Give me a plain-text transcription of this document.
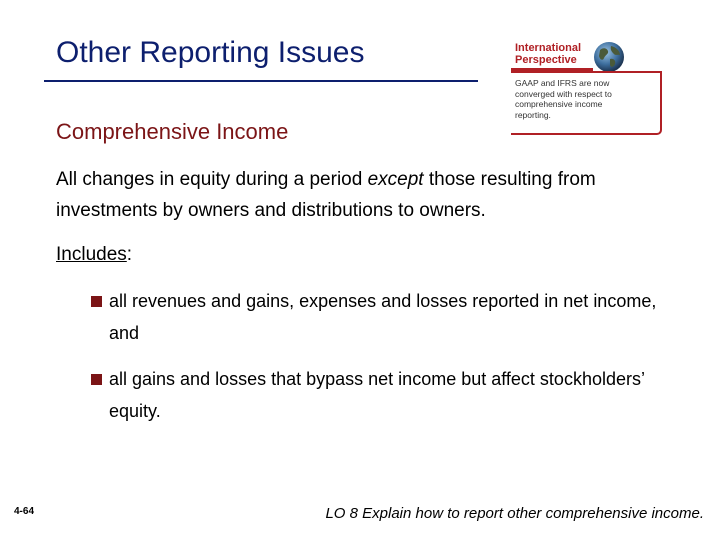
Other Reporting Issues	International
Perspective
GAAP and IFRS are now converged with respect to comprehensive income reporting.
Comprehensive Income

All changes in equity during a period except those resulting from investments by owners and distributions to owners.

Includes:

all revenues and gains, expenses and losses reported in net income, and
all gains and losses that bypass net income but affect stockholders’ equity.
4-64	LO 8 Explain how to report other comprehensive income.
